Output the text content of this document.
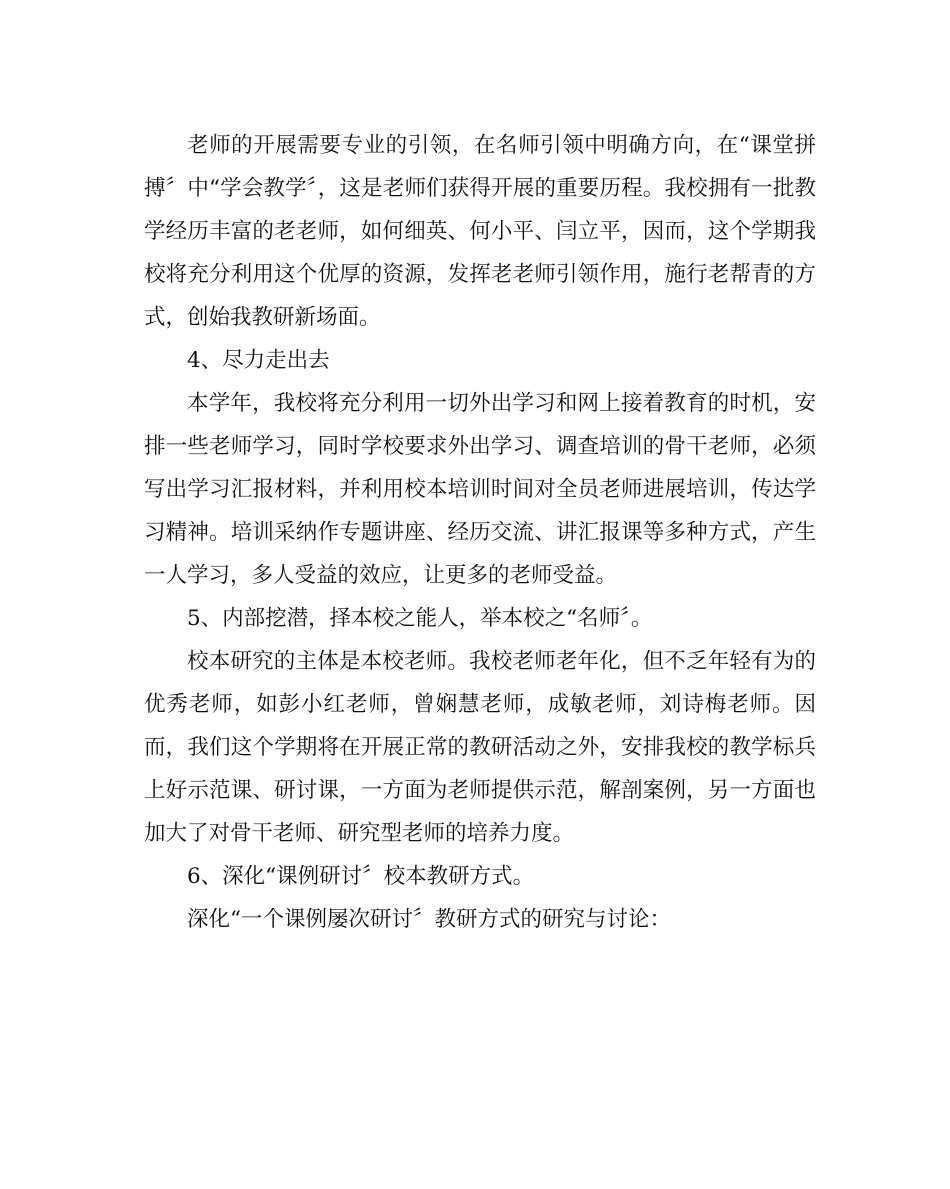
老师的开展需要专业的引领，在名师引领中明确方向，在“课堂拼搏〞中“学会教学〞，这是老师们获得开展的重要历程。我校拥有一批教学经历丰富的老老师，如何细英、何小平、闫立平，因而，这个学期我校将充分利用这个优厚的资源，发挥老老师引领作用，施行老帮青的方式，创始我教研新场面。

4、尽力走出去

本学年，我校将充分利用一切外出学习和网上接着教育的时机，安排一些老师学习，同时学校要求外出学习、调查培训的骨干老师，必须写出学习汇报材料，并利用校本培训时间对全员老师进展培训，传达学习精神。培训采纳作专题讲座、经历交流、讲汇报课等多种方式，产生一人学习，多人受益的效应，让更多的老师受益。

5、内部挖潜，择本校之能人，举本校之“名师〞。

校本研究的主体是本校老师。我校老师老年化，但不乏年轻有为的优秀老师，如彭小红老师，曾娴慧老师，成敏老师，刘诗梅老师。因而，我们这个学期将在开展正常的教研活动之外，安排我校的教学标兵上好示范课、研讨课，一方面为老师提供示范，解剖案例，另一方面也加大了对骨干老师、研究型老师的培养力度。

6、深化“课例研讨〞校本教研方式。

深化“一个课例屡次研讨〞教研方式的研究与讨论：
